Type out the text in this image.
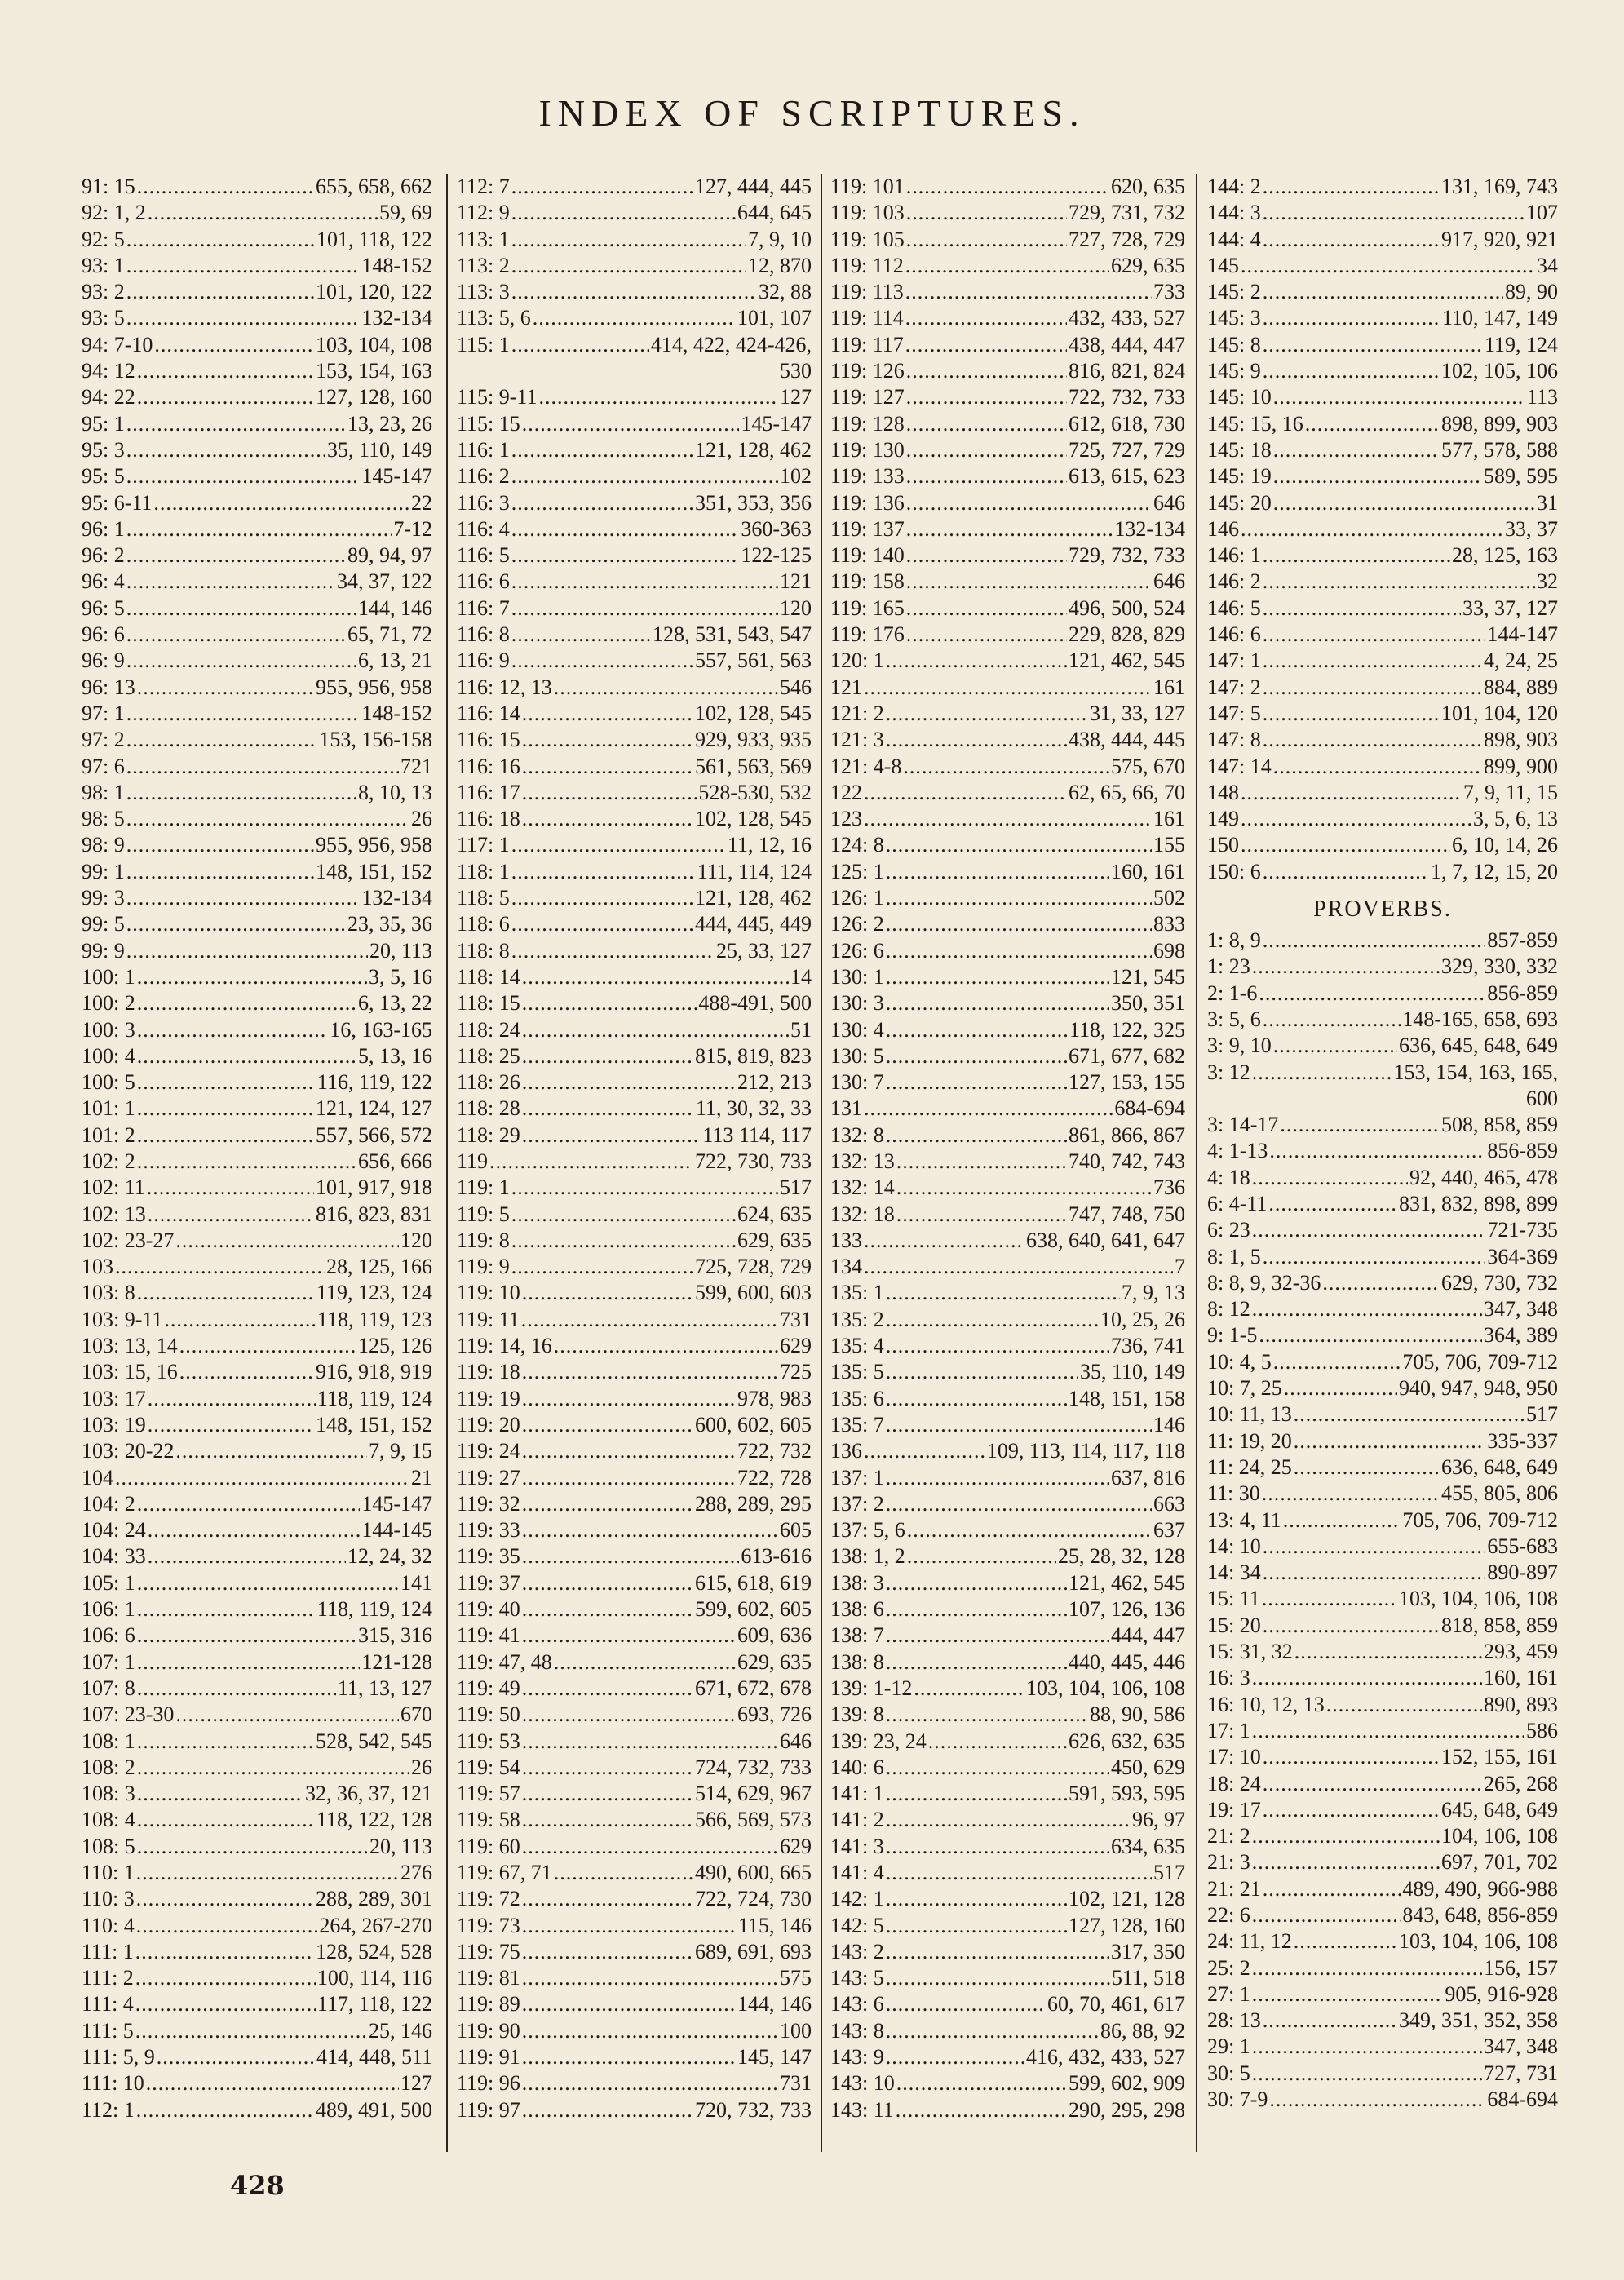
INDEX OF SCRIPTURES.
91: 15 .....	655, 658, 662
92: 1, 2 .....	59, 69
92: 5 .....	101, 118, 122
93: 1 .....	148-152
93: 2 .....	101, 120, 122
93: 5 .....	132-134
94: 7-10 .....	103, 104, 108
94: 12 .....	153, 154, 163
94: 22 .....	127, 128, 160
95: 1 .....	13, 23, 26
95: 3 .....	35, 110, 149
95: 5 .....	145-147
95: 6-11 .....	22
96: 1 .....	7-12
96: 2 .....	89, 94, 97
96: 4 .....	34, 37, 122
96: 5 .....	144, 146
96: 6 .....	65, 71, 72
96: 9 .....	6, 13, 21
96: 13 .....	955, 956, 958
97: 1 .....	148-152
97: 2 .....	153, 156-158
97: 6 .....	721
98: 1 .....	8, 10, 13
98: 5 .....	26
98: 9 .....	955, 956, 958
99: 1 .....	148, 151, 152
99: 3 .....	132-134
99: 5 .....	23, 35, 36
99: 9 .....	20, 113
100: 1 .....	3, 5, 16
100: 2 .....	6, 13, 22
100: 3 .....	16, 163-165
100: 4 .....	5, 13, 16
100: 5 .....	116, 119, 122
101: 1 .....	121, 124, 127
101: 2 .....	557, 566, 572
102: 2 .....	656, 666
102: 11 .....	101, 917, 918
102: 13 .....	816, 823, 831
102: 23-27 .....	120
103 .....	28, 125, 166
103: 8 .....	119, 123, 124
103: 9-11 .....	118, 119, 123
103: 13, 14 .....	125, 126
103: 15, 16 .....	916, 918, 919
103: 17 .....	118, 119, 124
103: 19 .....	148, 151, 152
103: 20-22 .....	7, 9, 15
104 .....	21
104: 2 .....	145-147
104: 24 .....	144-145
104: 33 .....	12, 24, 32
105: 1 .....	141
106: 1 .....	118, 119, 124
106: 6 .....	315, 316
107: 1 .....	121-128
107: 8 .....	11, 13, 127
107: 23-30 .....	670
108: 1 .....	528, 542, 545
108: 2 .....	26
108: 3 .....	32, 36, 37, 121
108: 4 .....	118, 122, 128
108: 5 .....	20, 113
110: 1 .....	276
110: 3 .....	288, 289, 301
110: 4 .....	264, 267-270
111: 1 .....	128, 524, 528
111: 2 .....	100, 114, 116
111: 4 .....	117, 118, 122
111: 5 .....	25, 146
111: 5, 9 .....	414, 448, 511
111: 10 .....	127
112: 1 .....	489, 491, 500
112: 7 .....	127, 444, 445
112: 9 .....	644, 645
113: 1 .....	7, 9, 10
113: 2 .....	12, 870
113: 3 .....	32, 88
113: 5, 6 .....	101, 107
115: 1 .....	414, 422, 424-426,
530
115: 9-11 .....	127
115: 15 .....	145-147
116: 1 .....	121, 128, 462
116: 2 .....	102
116: 3 .....	351, 353, 356
116: 4 .....	360-363
116: 5 .....	122-125
116: 6 .....	121
116: 7 .....	120
116: 8 .....	128, 531, 543, 547
116: 9 .....	557, 561, 563
116: 12, 13 .....	546
116: 14 .....	102, 128, 545
116: 15 .....	929, 933, 935
116: 16 .....	561, 563, 569
116: 17 .....	528-530, 532
116: 18 .....	102, 128, 545
117: 1 .....	11, 12, 16
118: 1 .....	111, 114, 124
118: 5 .....	121, 128, 462
118: 6 .....	444, 445, 449
118: 8 .....	25, 33, 127
118: 14 .....	14
118: 15 .....	488-491, 500
118: 24 .....	51
118: 25 .....	815, 819, 823
118: 26 .....	212, 213
118: 28 .....	11, 30, 32, 33
118: 29 .....	113 114, 117
119 .....	722, 730, 733
119: 1 .....	517
119: 5 .....	624, 635
119: 8 .....	629, 635
119: 9 .....	725, 728, 729
119: 10 .....	599, 600, 603
119: 11 .....	731
119: 14, 16 .....	629
119: 18 .....	725
119: 19 .....	978, 983
119: 20 .....	600, 602, 605
119: 24 .....	722, 732
119: 27 .....	722, 728
119: 32 .....	288, 289, 295
119: 33 .....	605
119: 35 .....	613-616
119: 37 .....	615, 618, 619
119: 40 .....	599, 602, 605
119: 41 .....	609, 636
119: 47, 48 .....	629, 635
119: 49 .....	671, 672, 678
119: 50 .....	693, 726
119: 53 .....	646
119: 54 .....	724, 732, 733
119: 57 .....	514, 629, 967
119: 58 .....	566, 569, 573
119: 60 .....	629
119: 67, 71 .....	490, 600, 665
119: 72 .....	722, 724, 730
119: 73 .....	115, 146
119: 75 .....	689, 691, 693
119: 81 .....	575
119: 89 .....	144, 146
119: 90 .....	100
119: 91 .....	145, 147
119: 96 .....	731
119: 97 .....	720, 732, 733
119: 101 .....	620, 635
119: 103 .....	729, 731, 732
119: 105 .....	727, 728, 729
119: 112 .....	629, 635
119: 113 .....	733
119: 114 .....	432, 433, 527
119: 117 .....	438, 444, 447
119: 126 .....	816, 821, 824
119: 127 .....	722, 732, 733
119: 128 .....	612, 618, 730
119: 130 .....	725, 727, 729
119: 133 .....	613, 615, 623
119: 136 .....	646
119: 137 .....	132-134
119: 140 .....	729, 732, 733
119: 158 .....	646
119: 165 .....	496, 500, 524
119: 176 .....	229, 828, 829
120: 1 .....	121, 462, 545
121 .....	161
121: 2 .....	31, 33, 127
121: 3 .....	438, 444, 445
121: 4-8 .....	575, 670
122 .....	62, 65, 66, 70
123 .....	161
124: 8 .....	155
125: 1 .....	160, 161
126: 1 .....	502
126: 2 .....	833
126: 6 .....	698
130: 1 .....	121, 545
130: 3 .....	350, 351
130: 4 .....	118, 122, 325
130: 5 .....	671, 677, 682
130: 7 .....	127, 153, 155
131 .....	684-694
132: 8 .....	861, 866, 867
132: 13 .....	740, 742, 743
132: 14 .....	736
132: 18 .....	747, 748, 750
133 .....	638, 640, 641, 647
134 .....	7
135: 1 .....	7, 9, 13
135: 2 .....	10, 25, 26
135: 4 .....	736, 741
135: 5 .....	35, 110, 149
135: 6 .....	148, 151, 158
135: 7 .....	146
136 .....	109, 113, 114, 117, 118
137: 1 .....	637, 816
137: 2 .....	663
137: 5, 6 .....	637
138: 1, 2 .....	25, 28, 32, 128
138: 3 .....	121, 462, 545
138: 6 .....	107, 126, 136
138: 7 .....	444, 447
138: 8 .....	440, 445, 446
139: 1-12 .....	103, 104, 106, 108
139: 8 .....	88, 90, 586
139: 23, 24 .....	626, 632, 635
140: 6 .....	450, 629
141: 1 .....	591, 593, 595
141: 2 .....	96, 97
141: 3 .....	634, 635
141: 4 .....	517
142: 1 .....	102, 121, 128
142: 5 .....	127, 128, 160
143: 2 .....	317, 350
143: 5 .....	511, 518
143: 6 .....	60, 70, 461, 617
143: 8 .....	86, 88, 92
143: 9 .....	416, 432, 433, 527
143: 10 .....	599, 602, 909
143: 11 .....	290, 295, 298
144: 2 .....	131, 169, 743
144: 3 .....	107
144: 4 .....	917, 920, 921
145 .....	34
145: 2 .....	89, 90
145: 3 .....	110, 147, 149
145: 8 .....	119, 124
145: 9 .....	102, 105, 106
145: 10 .....	113
145: 15, 16 .....	898, 899, 903
145: 18 .....	577, 578, 588
145: 19 .....	589, 595
145: 20 .....	31
146 .....	33, 37
146: 1 .....	28, 125, 163
146: 2 .....	32
146: 5 .....	33, 37, 127
146: 6 .....	144-147
147: 1 .....	4, 24, 25
147: 2 .....	884, 889
147: 5 .....	101, 104, 120
147: 8 .....	898, 903
147: 14 .....	899, 900
148 .....	7, 9, 11, 15
149 .....	3, 5, 6, 13
150 .....	6, 10, 14, 26
150: 6 .....	1, 7, 12, 15, 20
PROVERBS.
1: 8, 9 .....	857-859
1: 23 .....	329, 330, 332
2: 1-6 .....	856-859
3: 5, 6 .....	148-165, 658, 693
3: 9, 10 .....	636, 645, 648, 649
3: 12 .....	153, 154, 163, 165,
600
3: 14-17 .....	508, 858, 859
4: 1-13 .....	856-859
4: 18 .....	92, 440, 465, 478
6: 4-11 .....	831, 832, 898, 899
6: 23 .....	721-735
8: 1, 5 .....	364-369
8: 8, 9, 32-36 .....	629, 730, 732
8: 12 .....	347, 348
9: 1-5 .....	364, 389
10: 4, 5 .....	705, 706, 709-712
10: 7, 25 .....	940, 947, 948, 950
10: 11, 13 .....	517
11: 19, 20 .....	335-337
11: 24, 25 .....	636, 648, 649
11: 30 .....	455, 805, 806
13: 4, 11 .....	705, 706, 709-712
14: 10 .....	655-683
14: 34 .....	890-897
15: 11 .....	103, 104, 106, 108
15: 20 .....	818, 858, 859
15: 31, 32 .....	293, 459
16: 3 .....	160, 161
16: 10, 12, 13 .....	890, 893
17: 1 .....	586
17: 10 .....	152, 155, 161
18: 24 .....	265, 268
19: 17 .....	645, 648, 649
21: 2 .....	104, 106, 108
21: 3 .....	697, 701, 702
21: 21 .....	489, 490, 966-988
22: 6 .....	843, 648, 856-859
24: 11, 12 .....	103, 104, 106, 108
25: 2 .....	156, 157
27: 1 .....	905, 916-928
28: 13 .....	349, 351, 352, 358
29: 1 .....	347, 348
30: 5 .....	727, 731
30: 7-9 .....	684-694
428
